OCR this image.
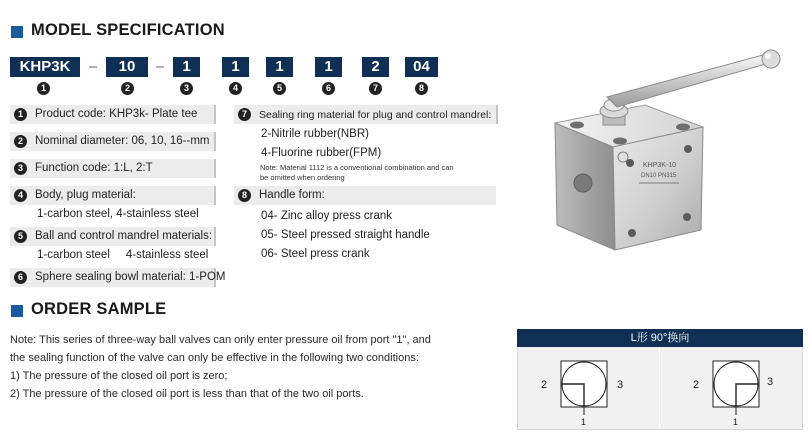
MODEL SPECIFICATION
KHP3K	10	1	1	1	1	2	04
1	2	3	4	5	6	7	8
1	Product code: KHP3k- Plate tee
2	Nominal diameter: 06, 10, 16--mm
3	Function code: 1:L, 2:T
4	Body, plug material:
1-carbon steel, 4-stainless steel
5	Ball and control mandrel materials:
1-carbon steel     4-stainless steel
6	Sphere sealing bowl material: 1-POM
7	Sealing ring material for plug and control mandrel:
2-Nitrile rubber(NBR)
4-Fluorine rubber(FPM)
Note: Material 1112 is a conventional combination and can
be omitted when ordering
8	Handle form:
04- Zinc alloy press crank
05- Steel pressed straight handle
06- Steel press crank
KHP3K-10
DN10 PN315
ORDER SAMPLE
Note: This series of three-way ball valves can only enter pressure oil from port "1", and
the sealing function of the valve can only be effective in the following two conditions:
1) The pressure of the closed oil port is zero;
2) The pressure of the closed oil port is less than that of the two oil ports.
L形 90°换向
2	3
1
2	3
1
